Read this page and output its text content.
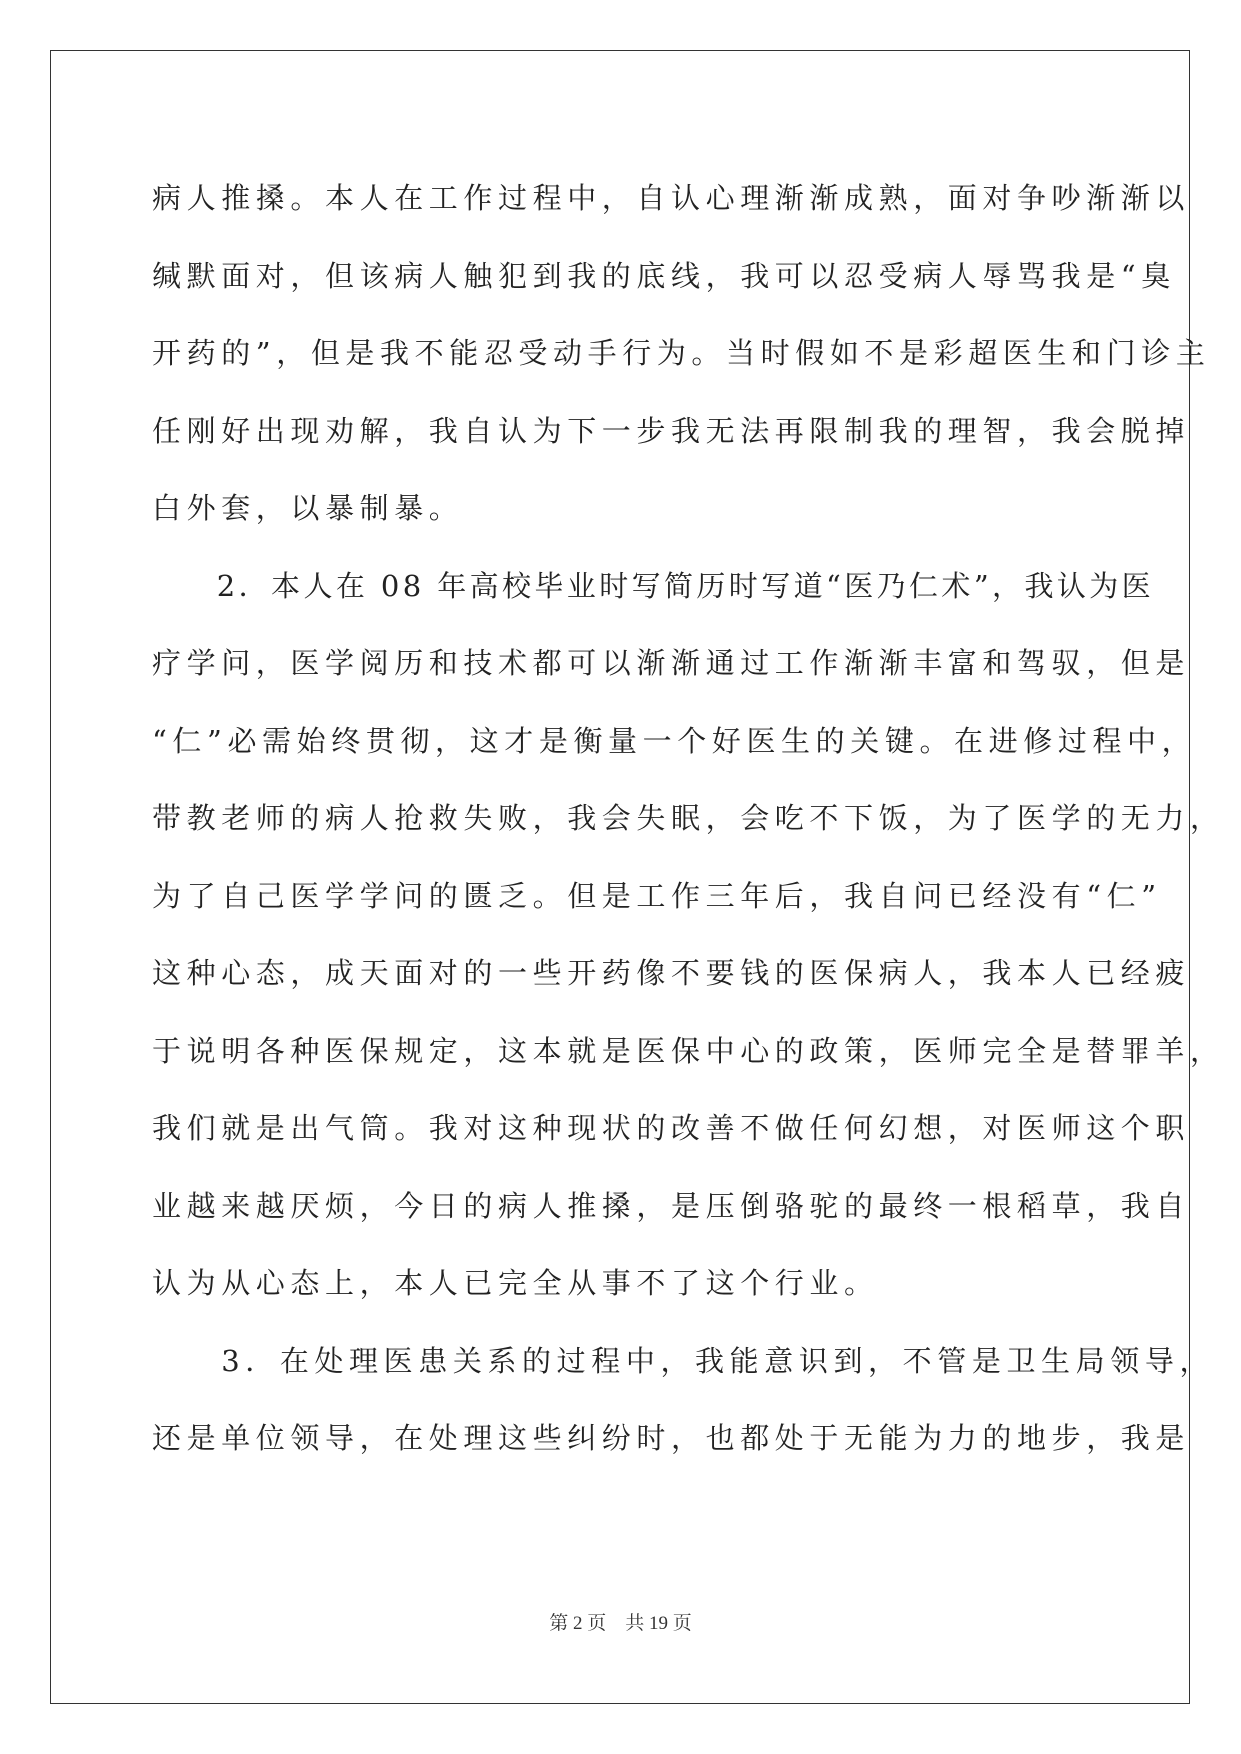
病人推搡。本人在工作过程中，自认心理渐渐成熟，面对争吵渐渐以
缄默面对，但该病人触犯到我的底线，我可以忍受病人辱骂我是“臭
开药的”，但是我不能忍受动手行为。当时假如不是彩超医生和门诊主
任刚好出现劝解，我自认为下一步我无法再限制我的理智，我会脱掉
白外套，以暴制暴。
　　2．本人在 08 年高校毕业时写简历时写道“医乃仁术”，我认为医
疗学问，医学阅历和技术都可以渐渐通过工作渐渐丰富和驾驭，但是
“仁”必需始终贯彻，这才是衡量一个好医生的关键。在进修过程中，
带教老师的病人抢救失败，我会失眠，会吃不下饭，为了医学的无力，
为了自己医学学问的匮乏。但是工作三年后，我自问已经没有“仁”
这种心态，成天面对的一些开药像不要钱的医保病人，我本人已经疲
于说明各种医保规定，这本就是医保中心的政策，医师完全是替罪羊，
我们就是出气筒。我对这种现状的改善不做任何幻想，对医师这个职
业越来越厌烦，今日的病人推搡，是压倒骆驼的最终一根稻草，我自
认为从心态上，本人已完全从事不了这个行业。
　　3．在处理医患关系的过程中，我能意识到，不管是卫生局领导，
还是单位领导，在处理这些纠纷时，也都处于无能为力的地步，我是
第 2 页　共 19 页
